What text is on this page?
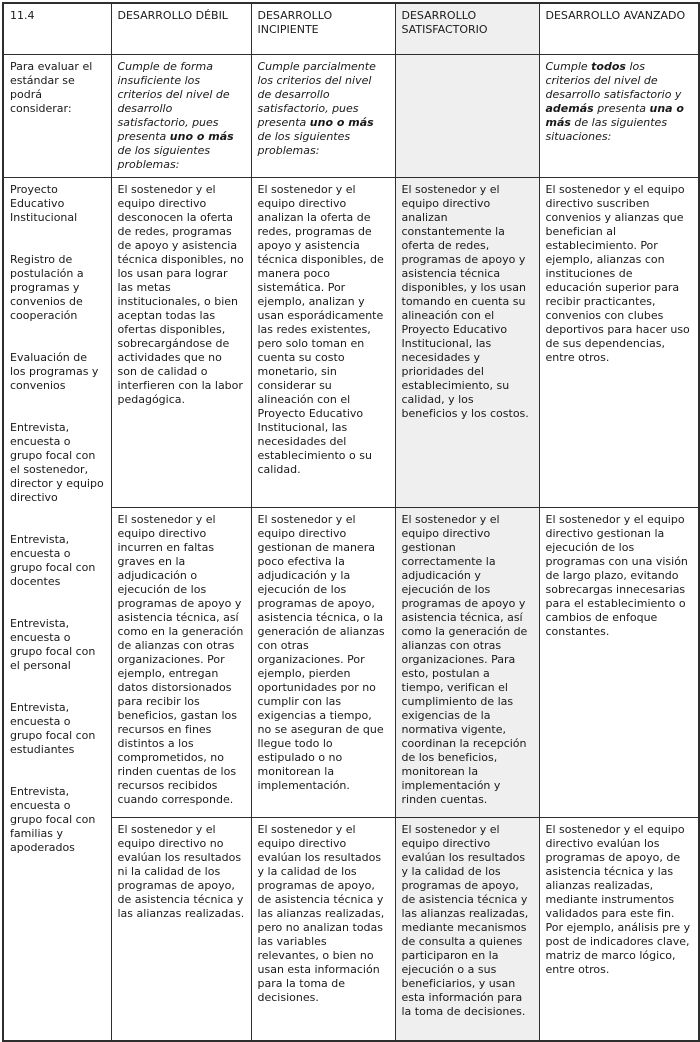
11.4	DESARROLLO DÉBIL	DESARROLLO INCIPIENTE	DESARROLLO SATISFACTORIO	DESARROLLO AVANZADO
Para evaluar el estándar se podrá considerar:	Cumple de forma insuficiente los criterios del nivel de desarrollo satisfactorio, pues presenta uno o más de los siguientes problemas:	Cumple parcialmente los criterios del nivel de desarrollo satisfactorio, pues presenta uno o más de los siguientes problemas:		Cumple todos los criterios del nivel de desarrollo satisfactorio y además presenta una o más de las siguientes situaciones:

Proyecto Educativo Institucional
Registro de postulación a programas y convenios de cooperación
Evaluación de los programas y convenios
Entrevista, encuesta o grupo focal con el sostenedor, director y equipo directivo
Entrevista, encuesta o grupo focal con docentes
Entrevista, encuesta o grupo focal con el personal
Entrevista, encuesta o grupo focal con estudiantes
Entrevista, encuesta o grupo focal con familias y apoderados
	El sostenedor y el equipo directivo desconocen la oferta de redes, programas de apoyo y asistencia técnica disponibles, no los usan para lograr las metas institucionales, o bien aceptan todas las ofertas disponibles, sobrecargándose de actividades que no son de calidad o interfieren con la labor pedagógica.	El sostenedor y el equipo directivo analizan la oferta de redes, programas de apoyo y asistencia técnica disponibles, de manera poco sistemática. Por ejemplo, analizan y usan esporádicamente las redes existentes, pero solo toman en cuenta su costo monetario, sin considerar su alineación con el Proyecto Educativo Institucional, las necesidades del establecimiento o su calidad.	El sostenedor y el equipo directivo analizan constantemente la oferta de redes, programas de apoyo y asistencia técnica disponibles, y los usan tomando en cuenta su alineación con el Proyecto Educativo Institucional, las necesidades y prioridades del establecimiento, su calidad, y los beneficios y los costos.	El sostenedor y el equipo directivo suscriben convenios y alianzas que benefician al establecimiento. Por ejemplo, alianzas con instituciones de educación superior para recibir practicantes, convenios con clubes deportivos para hacer uso de sus dependencias, entre otros.
El sostenedor y el equipo directivo incurren en faltas graves en la adjudicación o ejecución de los programas de apoyo y asistencia técnica, así como en la generación de alianzas con otras organizaciones. Por ejemplo, entregan datos distorsionados para recibir los beneficios, gastan los recursos en fines distintos a los comprometidos, no rinden cuentas de los recursos recibidos cuando corresponde.	El sostenedor y el equipo directivo gestionan de manera poco efectiva la adjudicación y la ejecución de los programas de apoyo, asistencia técnica, o la generación de alianzas con otras organizaciones. Por ejemplo, pierden oportunidades por no cumplir con las exigencias a tiempo, no se aseguran de que llegue todo lo estipulado o no monitorean la implementación.	El sostenedor y el equipo directivo gestionan correctamente la adjudicación y ejecución de los programas de apoyo y asistencia técnica, así como la generación de alianzas con otras organizaciones. Para esto, postulan a tiempo, verifican el cumplimiento de las exigencias de la normativa vigente, coordinan la recepción de los beneficios, monitorean la implementación y rinden cuentas.	El sostenedor y el equipo directivo gestionan la ejecución de los programas con una visión de largo plazo, evitando sobrecargas innecesarias para el establecimiento o cambios de enfoque constantes.
El sostenedor y el equipo directivo no evalúan los resultados ni la calidad de los programas de apoyo, de asistencia técnica y las alianzas realizadas.	El sostenedor y el equipo directivo evalúan los resultados y la calidad de los programas de apoyo, de asistencia técnica y las alianzas realizadas, pero no analizan todas las variables relevantes, o bien no usan esta información para la toma de decisiones.	El sostenedor y el equipo directivo evalúan los resultados y la calidad de los programas de apoyo, de asistencia técnica y las alianzas realizadas, mediante mecanismos de consulta a quienes participaron en la ejecución o a sus beneficiarios, y usan esta información para la toma de decisiones.	El sostenedor y el equipo directivo evalúan los programas de apoyo, de asistencia técnica y las alianzas realizadas, mediante instrumentos validados para este fin. Por ejemplo, análisis pre y post de indicadores clave, matriz de marco lógico, entre otros.
